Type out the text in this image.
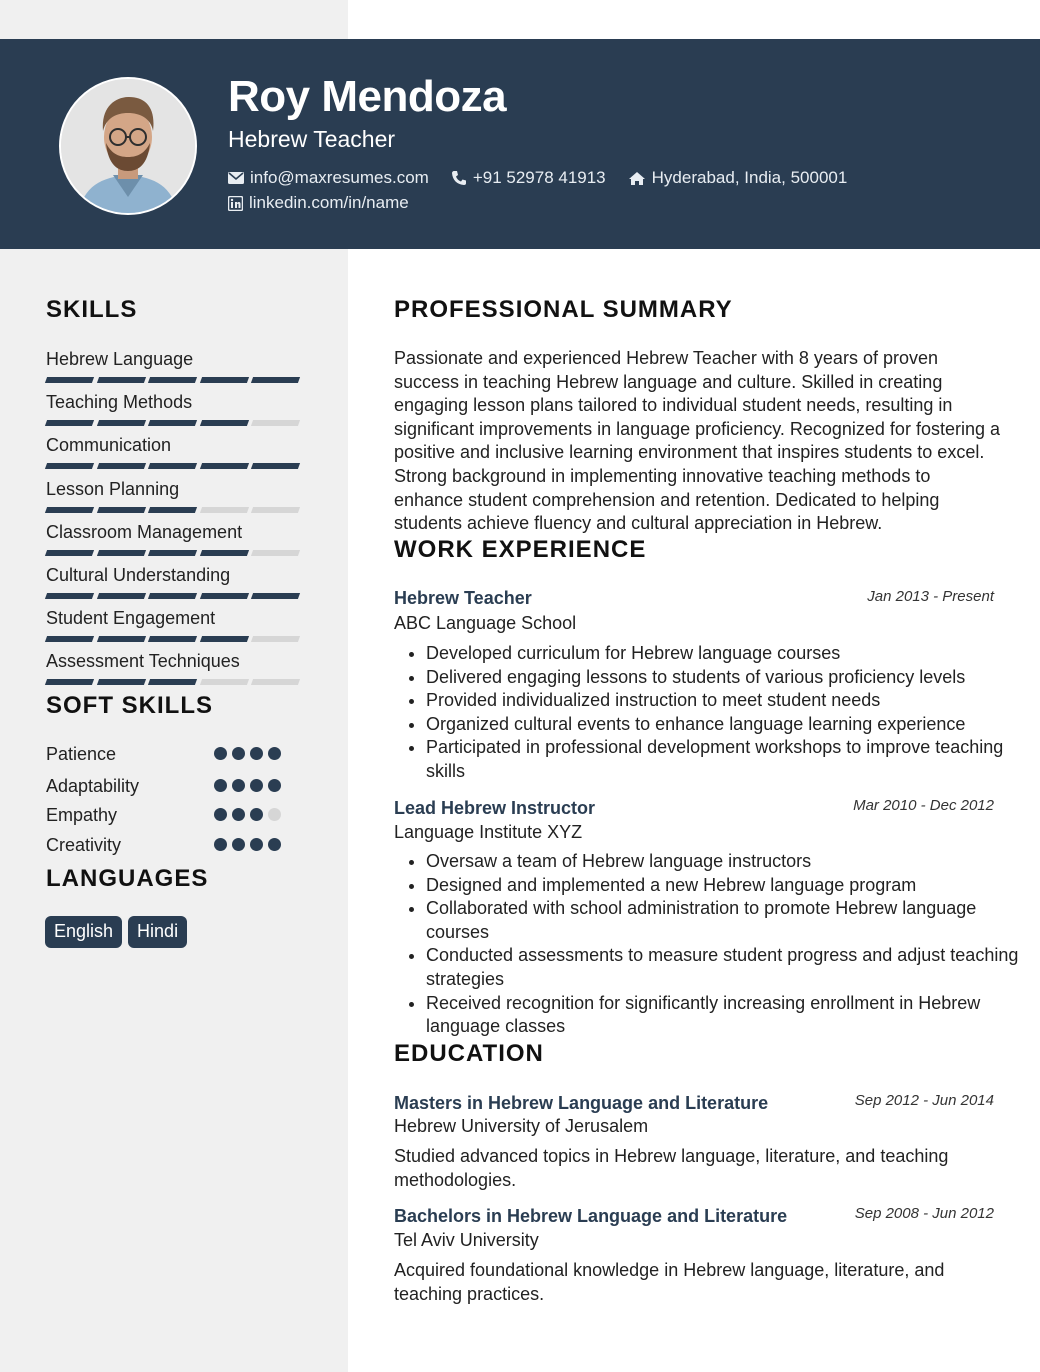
Roy Mendoza
Hebrew Teacher
info@maxresumes.com	+91 52978 41913	Hyderabad, India, 500001
linkedin.com/in/name
SKILLS
Hebrew Language
Teaching Methods
Communication
Lesson Planning
Classroom Management
Cultural Understanding
Student Engagement
Assessment Techniques
SOFT SKILLS
Patience
Adaptability
Empathy
Creativity
LANGUAGES
English	Hindi
PROFESSIONAL SUMMARY
Passionate and experienced Hebrew Teacher with 8 years of proven success in teaching Hebrew language and culture. Skilled in creating engaging lesson plans tailored to individual student needs, resulting in significant improvements in language proficiency. Recognized for fostering a positive and inclusive learning environment that inspires students to excel. Strong background in implementing innovative teaching methods to enhance student comprehension and retention. Dedicated to helping students achieve fluency and cultural appreciation in Hebrew.
WORK EXPERIENCE
Hebrew Teacher	Jan 2013 - Present
ABC Language School
• Developed curriculum for Hebrew language courses
• Delivered engaging lessons to students of various proficiency levels
• Provided individualized instruction to meet student needs
• Organized cultural events to enhance language learning experience
• Participated in professional development workshops to improve teaching skills
Lead Hebrew Instructor	Mar 2010 - Dec 2012
Language Institute XYZ
• Oversaw a team of Hebrew language instructors
• Designed and implemented a new Hebrew language program
• Collaborated with school administration to promote Hebrew language courses
• Conducted assessments to measure student progress and adjust teaching strategies
• Received recognition for significantly increasing enrollment in Hebrew language classes
EDUCATION
Masters in Hebrew Language and Literature	Sep 2012 - Jun 2014
Hebrew University of Jerusalem
Studied advanced topics in Hebrew language, literature, and teaching methodologies.
Bachelors in Hebrew Language and Literature	Sep 2008 - Jun 2012
Tel Aviv University
Acquired foundational knowledge in Hebrew language, literature, and teaching practices.
